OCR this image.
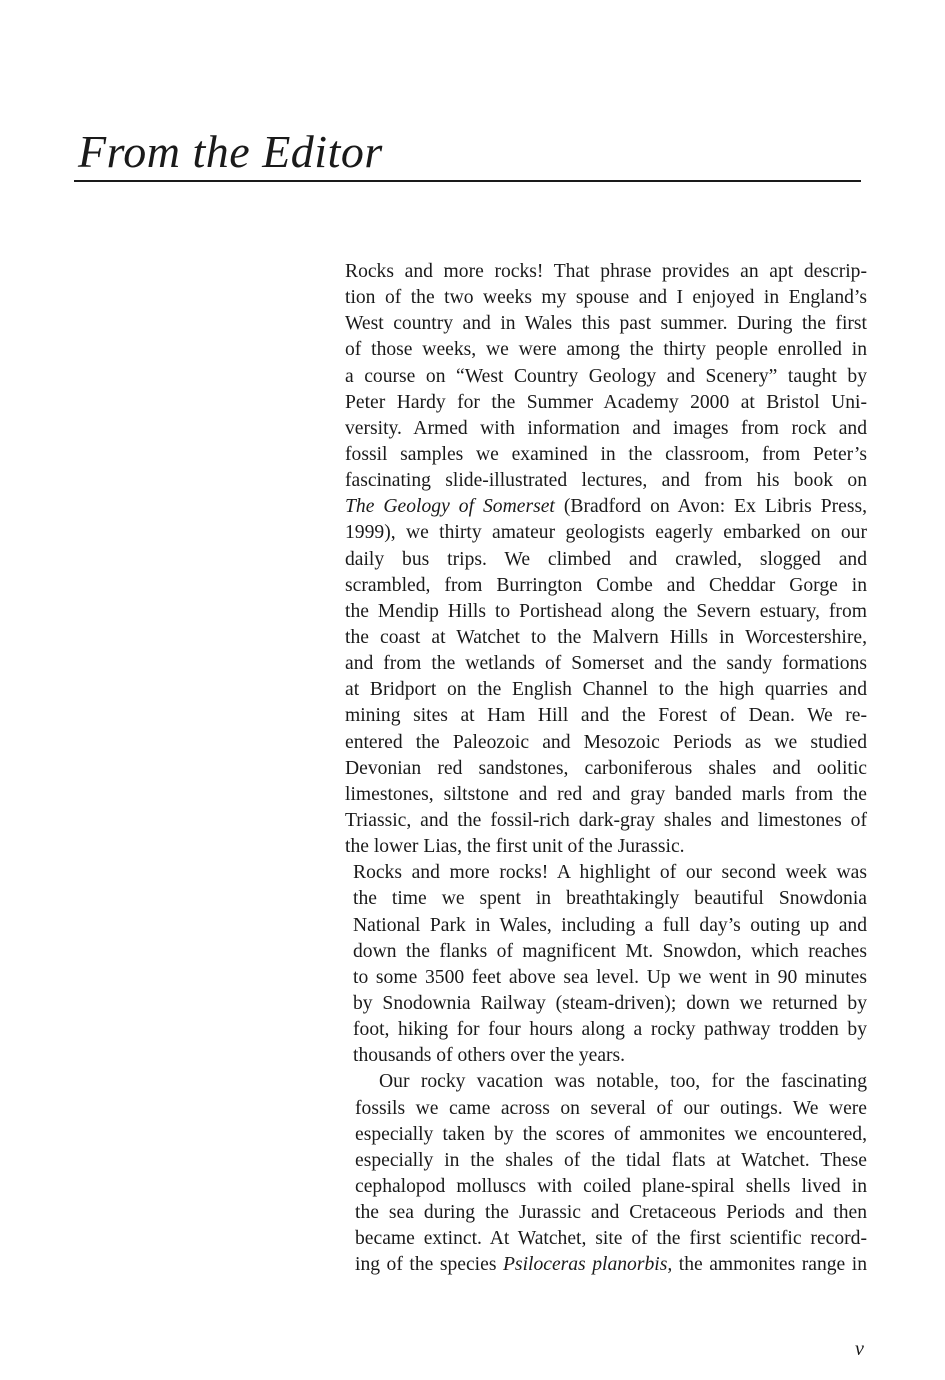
From the Editor
Rocks and more rocks! That phrase provides an apt descrip-
tion of the two weeks my spouse and I enjoyed in England’s
West country and in Wales this past summer. During the first
of those weeks, we were among the thirty people enrolled in
a course on “West Country Geology and Scenery” taught by
Peter Hardy for the Summer Academy 2000 at Bristol Uni-
versity. Armed with information and images from rock and
fossil samples we examined in the classroom, from Peter’s
fascinating slide-illustrated lectures, and from his book on
The Geology of Somerset (Bradford on Avon: Ex Libris Press,
1999), we thirty amateur geologists eagerly embarked on our
daily bus trips. We climbed and crawled, slogged and
scrambled, from Burrington Combe and Cheddar Gorge in
the Mendip Hills to Portishead along the Severn estuary, from
the coast at Watchet to the Malvern Hills in Worcestershire,
and from the wetlands of Somerset and the sandy formations
at Bridport on the English Channel to the high quarries and
mining sites at Ham Hill and the Forest of Dean. We re-
entered the Paleozoic and Mesozoic Periods as we studied
Devonian red sandstones, carboniferous shales and oolitic
limestones, siltstone and red and gray banded marls from the
Triassic, and the fossil-rich dark-gray shales and limestones of
the lower Lias, the first unit of the Jurassic.
Rocks and more rocks! A highlight of our second week was
the time we spent in breathtakingly beautiful Snowdonia
National Park in Wales, including a full day’s outing up and
down the flanks of magnificent Mt. Snowdon, which reaches
to some 3500 feet above sea level. Up we went in 90 minutes
by Snodownia Railway (steam-driven); down we returned by
foot, hiking for four hours along a rocky pathway trodden by
thousands of others over the years.
Our rocky vacation was notable, too, for the fascinating
fossils we came across on several of our outings. We were
especially taken by the scores of ammonites we encountered,
especially in the shales of the tidal flats at Watchet. These
cephalopod molluscs with coiled plane-spiral shells lived in
the sea during the Jurassic and Cretaceous Periods and then
became extinct. At Watchet, site of the first scientific record-
ing of the species Psiloceras planorbis, the ammonites range in
v
